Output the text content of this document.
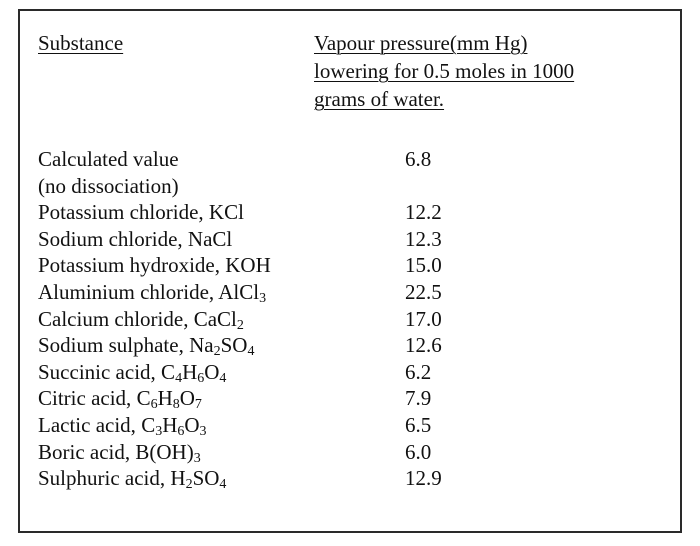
Substance	Vapour pressure(mm Hg)
lowering for 0.5 moles in 1000
grams of water.
Calculated value	6.8
(no dissociation)
Potassium chloride, KCl	12.2
Sodium chloride, NaCl	12.3
Potassium hydroxide, KOH	15.0
Aluminium chloride, AlCl$_3$	22.5
Calcium chloride, CaCl$_2$	17.0
Sodium sulphate, $Na_2SO_4$	12.6
Succinic acid, $C_4H_6O_4$	6.2
Citric acid, $C_6H_8O_7$	7.9
Lactic acid, $C_3H_6O_3$	6.5
Boric acid, $B(OH)_3$	6.0
Sulphuric acid, $H_2SO_4$	12.9
